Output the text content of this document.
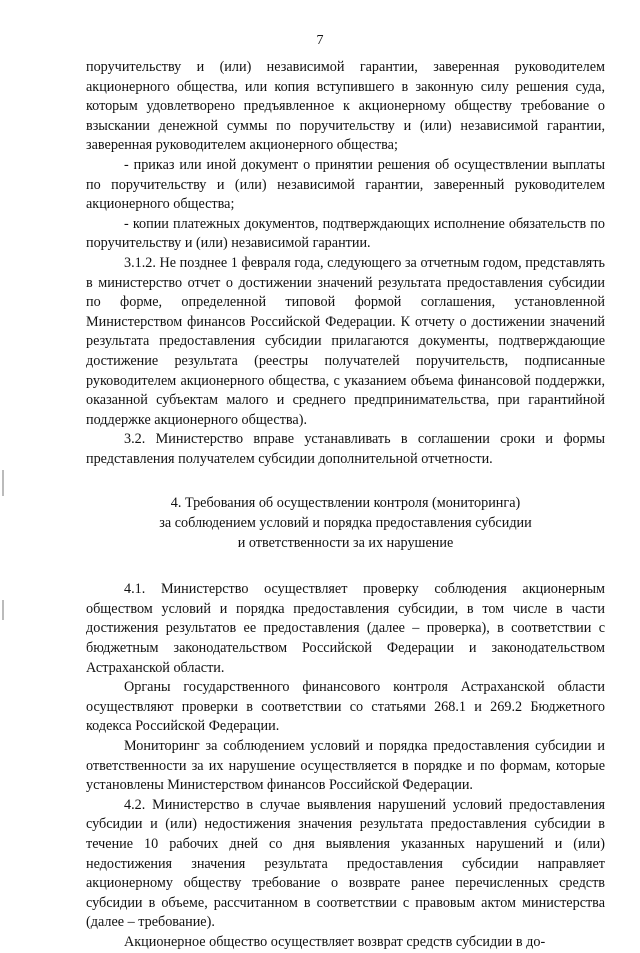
7

поручительству и (или) независимой гарантии, заверенная руководителем акционерного общества, или копия вступившего в законную силу решения суда, которым удовлетворено предъявленное к акционерному обществу требование о взыскании денежной суммы по поручительству и (или) независимой гарантии, заверенная руководителем акционерного общества;

- приказ или иной документ о принятии решения об осуществлении выплаты по поручительству и (или) независимой гарантии, заверенный руководителем акционерного общества;

- копии платежных документов, подтверждающих исполнение обязательств по поручительству и (или) независимой гарантии.

3.1.2. Не позднее 1 февраля года, следующего за отчетным годом, представлять в министерство отчет о достижении значений результата предоставления субсидии по форме, определенной типовой формой соглашения, установленной Министерством финансов Российской Федерации. К отчету о достижении значений результата предоставления субсидии прилагаются документы, подтверждающие достижение результата (реестры получателей поручительств, подписанные руководителем акционерного общества, с указанием объема финансовой поддержки, оказанной субъектам малого и среднего предпринимательства, при гарантийной поддержке акционерного общества).

3.2. Министерство вправе устанавливать в соглашении сроки и формы представления получателем субсидии дополнительной отчетности.

4. Требования об осуществлении контроля (мониторинга)
за соблюдением условий и порядка предоставления субсидии
и ответственности за их нарушение

4.1. Министерство осуществляет проверку соблюдения акционерным обществом условий и порядка предоставления субсидии, в том числе в части достижения результатов ее предоставления (далее – проверка), в соответствии с бюджетным законодательством Российской Федерации и законодательством Астраханской области.

Органы государственного финансового контроля Астраханской области осуществляют проверки в соответствии со статьями 268.1 и 269.2 Бюджетного кодекса Российской Федерации.

Мониторинг за соблюдением условий и порядка предоставления субсидии и ответственности за их нарушение осуществляется в порядке и по формам, которые установлены Министерством финансов Российской Федерации.

4.2. Министерство в случае выявления нарушений условий предоставления субсидии и (или) недостижения значения результата предоставления субсидии в течение 10 рабочих дней со дня выявления указанных нарушений и (или) недостижения значения результата предоставления субсидии направляет акционерному обществу требование о возврате ранее перечисленных средств субсидии в объеме, рассчитанном в соответствии с правовым актом министерства (далее – требование).

Акционерное общество осуществляет возврат средств субсидии в до-
